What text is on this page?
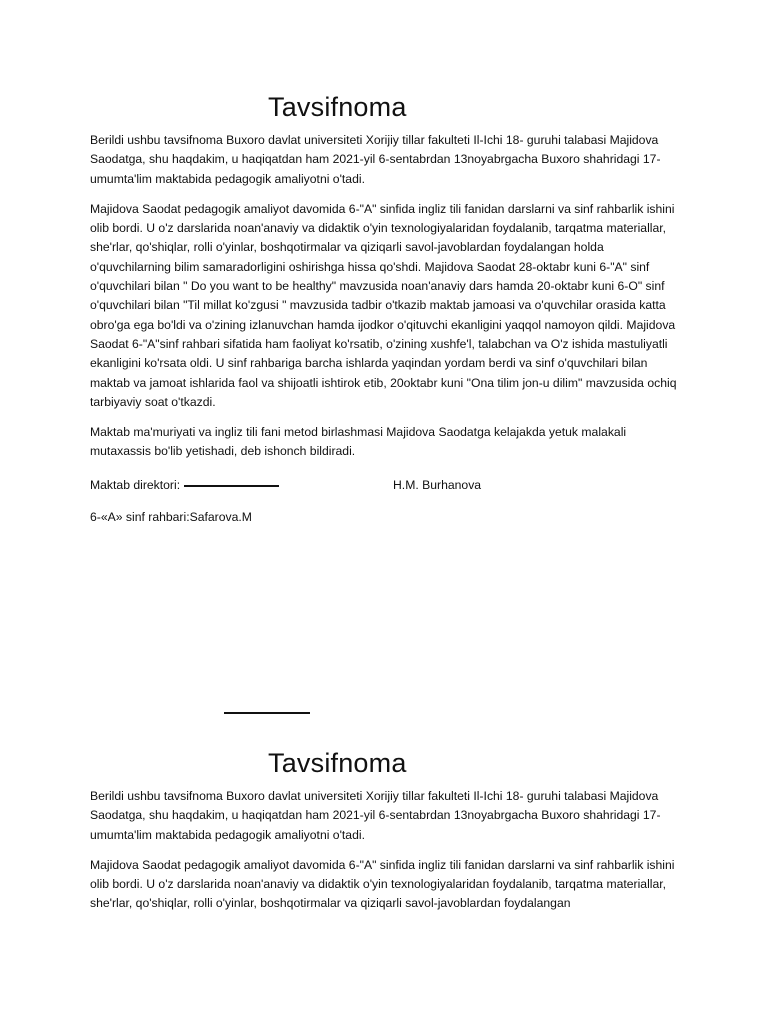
Tavsifnoma

Berildi ushbu tavsifnoma Buxoro davlat universiteti Xorijiy tillar fakulteti Il-Ichi 18- guruhi talabasi Majidova Saodatga, shu haqdakim, u haqiqatdan ham 2021-yil 6-sentabrdan 13noyabrgacha Buxoro shahridagi 17- umumta'lim maktabida pedagogik amaliyotni o'tadi.

Majidova Saodat pedagogik amaliyot davomida 6-"A" sinfida ingliz tili fanidan darslarni va sinf rahbarlik ishini olib bordi. U o'z darslarida noan'anaviy va didaktik o'yin texnologiyalaridan foydalanib, tarqatma materiallar, she'rlar, qo'shiqlar, rolli o'yinlar, boshqotirmalar va qiziqarli savol-javoblardan foydalangan holda o'quvchilarning bilim samaradorligini oshirishga hissa qo'shdi. Majidova Saodat 28-oktabr kuni 6-"A" sinf o'quvchilari bilan " Do you want to be healthy" mavzusida noan'anaviy dars hamda 20-oktabr kuni 6-O" sinf o'quvchilari bilan "Til millat ko'zgusi " mavzusida tadbir o'tkazib maktab jamoasi va o'quvchilar orasida katta obro'ga ega bo'ldi va o'zining izlanuvchan hamda ijodkor o'qituvchi ekanligini yaqqol namoyon qildi. Majidova Saodat 6-"A"sinf rahbari sifatida ham faoliyat ko'rsatib, o'zining xushfe'l, talabchan va O'z ishida mastuliyatli ekanligini ko'rsata oldi. U sinf rahbariga barcha ishlarda yaqindan yordam berdi va sinf o'quvchilari bilan maktab va jamoat ishlarida faol va shijoatli ishtirok etib, 20oktabr kuni "Ona tilim jon-u dilim" mavzusida ochiq tarbiyaviy soat o'tkazdi.

Maktab ma'muriyati va ingliz tili fani metod birlashmasi Majidova Saodatga kelajakda yetuk malakali mutaxassis bo'lib yetishadi, deb ishonch bildiradi.

Maktab direktori:	H.M. Burhanova
6-«A» sinf rahbari:Safarova.M
Tavsifnoma

Berildi ushbu tavsifnoma Buxoro davlat universiteti Xorijiy tillar fakulteti Il-Ichi 18- guruhi talabasi Majidova Saodatga, shu haqdakim, u haqiqatdan ham 2021-yil 6-sentabrdan 13noyabrgacha Buxoro shahridagi 17- umumta'lim maktabida pedagogik amaliyotni o'tadi.

Majidova Saodat pedagogik amaliyot davomida 6-"A" sinfida ingliz tili fanidan darslarni va sinf rahbarlik ishini olib bordi. U o'z darslarida noan'anaviy va didaktik o'yin texnologiyalaridan foydalanib, tarqatma materiallar, she'rlar, qo'shiqlar, rolli o'yinlar, boshqotirmalar va qiziqarli savol-javoblardan foydalangan
